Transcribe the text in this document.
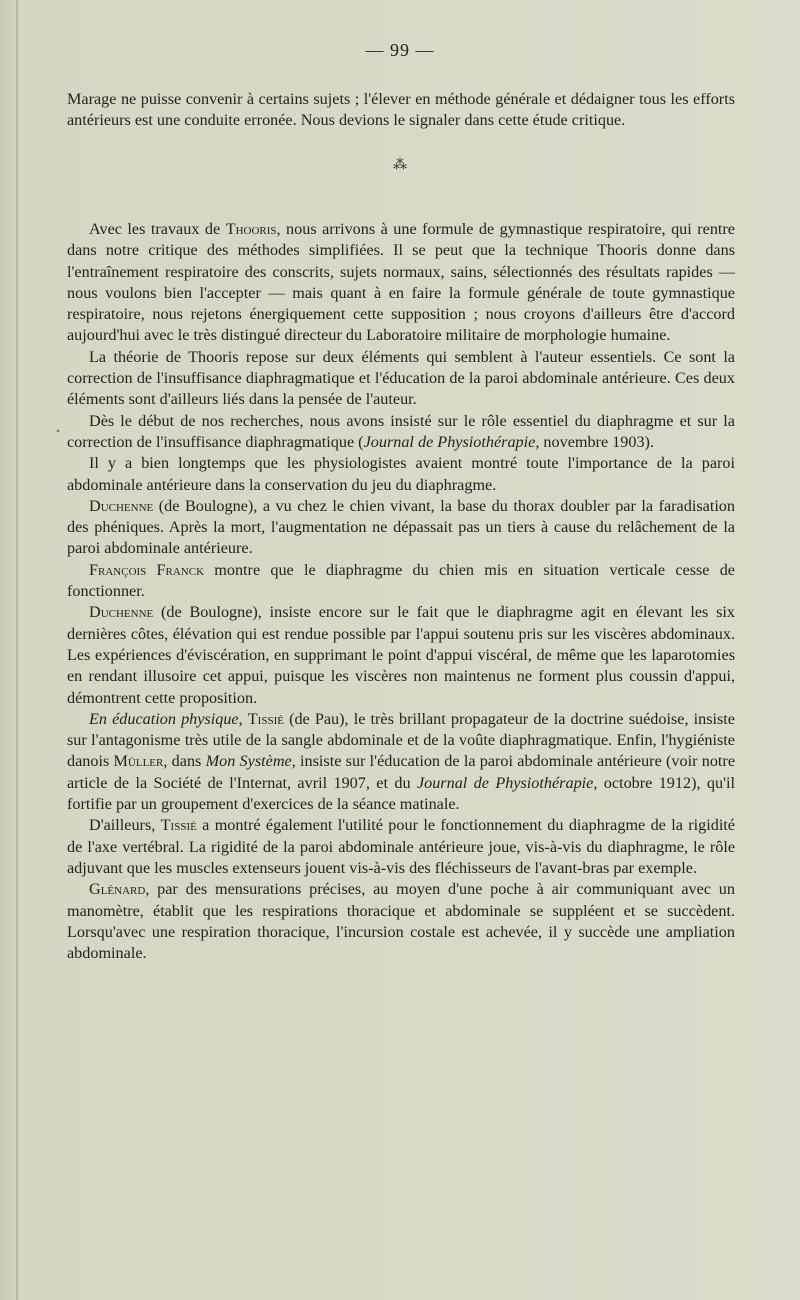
— 99 —

Marage ne puisse convenir à certains sujets ; l'élever en méthode générale et dédaigner tous les efforts antérieurs est une conduite erronée. Nous devions le signaler dans cette étude critique.

⁂
•

Avec les travaux de Thooris, nous arrivons à une formule de gymnastique respiratoire, qui rentre dans notre critique des méthodes simplifiées. Il se peut que la technique Thooris donne dans l'entraînement respiratoire des conscrits, sujets normaux, sains, sélectionnés des résultats rapides — nous voulons bien l'accepter — mais quant à en faire la formule générale de toute gymnastique respiratoire, nous rejetons énergiquement cette supposition ; nous croyons d'ailleurs être d'accord aujourd'hui avec le très distingué directeur du Laboratoire militaire de morphologie humaine.

La théorie de Thooris repose sur deux éléments qui semblent à l'auteur essentiels. Ce sont la correction de l'insuffisance diaphragmatique et l'éducation de la paroi abdominale antérieure. Ces deux éléments sont d'ailleurs liés dans la pensée de l'auteur.

Dès le début de nos recherches, nous avons insisté sur le rôle essentiel du diaphragme et sur la correction de l'insuffisance diaphragmatique (Journal de Physiothérapie, novembre 1903).

Il y a bien longtemps que les physiologistes avaient montré toute l'importance de la paroi abdominale antérieure dans la conservation du jeu du diaphragme.

Duchenne (de Boulogne), a vu chez le chien vivant, la base du thorax doubler par la faradisation des phéniques. Après la mort, l'augmentation ne dépassait pas un tiers à cause du relâchement de la paroi abdominale antérieure.

François Franck montre que le diaphragme du chien mis en situation verticale cesse de fonctionner.

Duchenne (de Boulogne), insiste encore sur le fait que le diaphragme agit en élevant les six dernières côtes, élévation qui est rendue possible par l'appui soutenu pris sur les viscères abdominaux. Les expériences d'éviscération, en supprimant le point d'appui viscéral, de même que les laparotomies en rendant illusoire cet appui, puisque les viscères non maintenus ne forment plus coussin d'appui, démontrent cette proposition.

En éducation physique, Tissié (de Pau), le très brillant propagateur de la doctrine suédoise, insiste sur l'antagonisme très utile de la sangle abdominale et de la voûte diaphragmatique. Enfin, l'hygiéniste danois Müller, dans Mon Système, insiste sur l'éducation de la paroi abdominale antérieure (voir notre article de la Société de l'Internat, avril 1907, et du Journal de Physiothérapie, octobre 1912), qu'il fortifie par un groupement d'exercices de la séance matinale.

D'ailleurs, Tissié a montré également l'utilité pour le fonctionnement du diaphragme de la rigidité de l'axe vertébral. La rigidité de la paroi abdominale antérieure joue, vis-à-vis du diaphragme, le rôle adjuvant que les muscles extenseurs jouent vis-à-vis des fléchisseurs de l'avant-bras par exemple.

Glénard, par des mensurations précises, au moyen d'une poche à air communiquant avec un manomètre, établit que les respirations thoracique et abdominale se suppléent et se succèdent. Lorsqu'avec une respiration thoracique, l'incursion costale est achevée, il y succède une ampliation abdominale.
